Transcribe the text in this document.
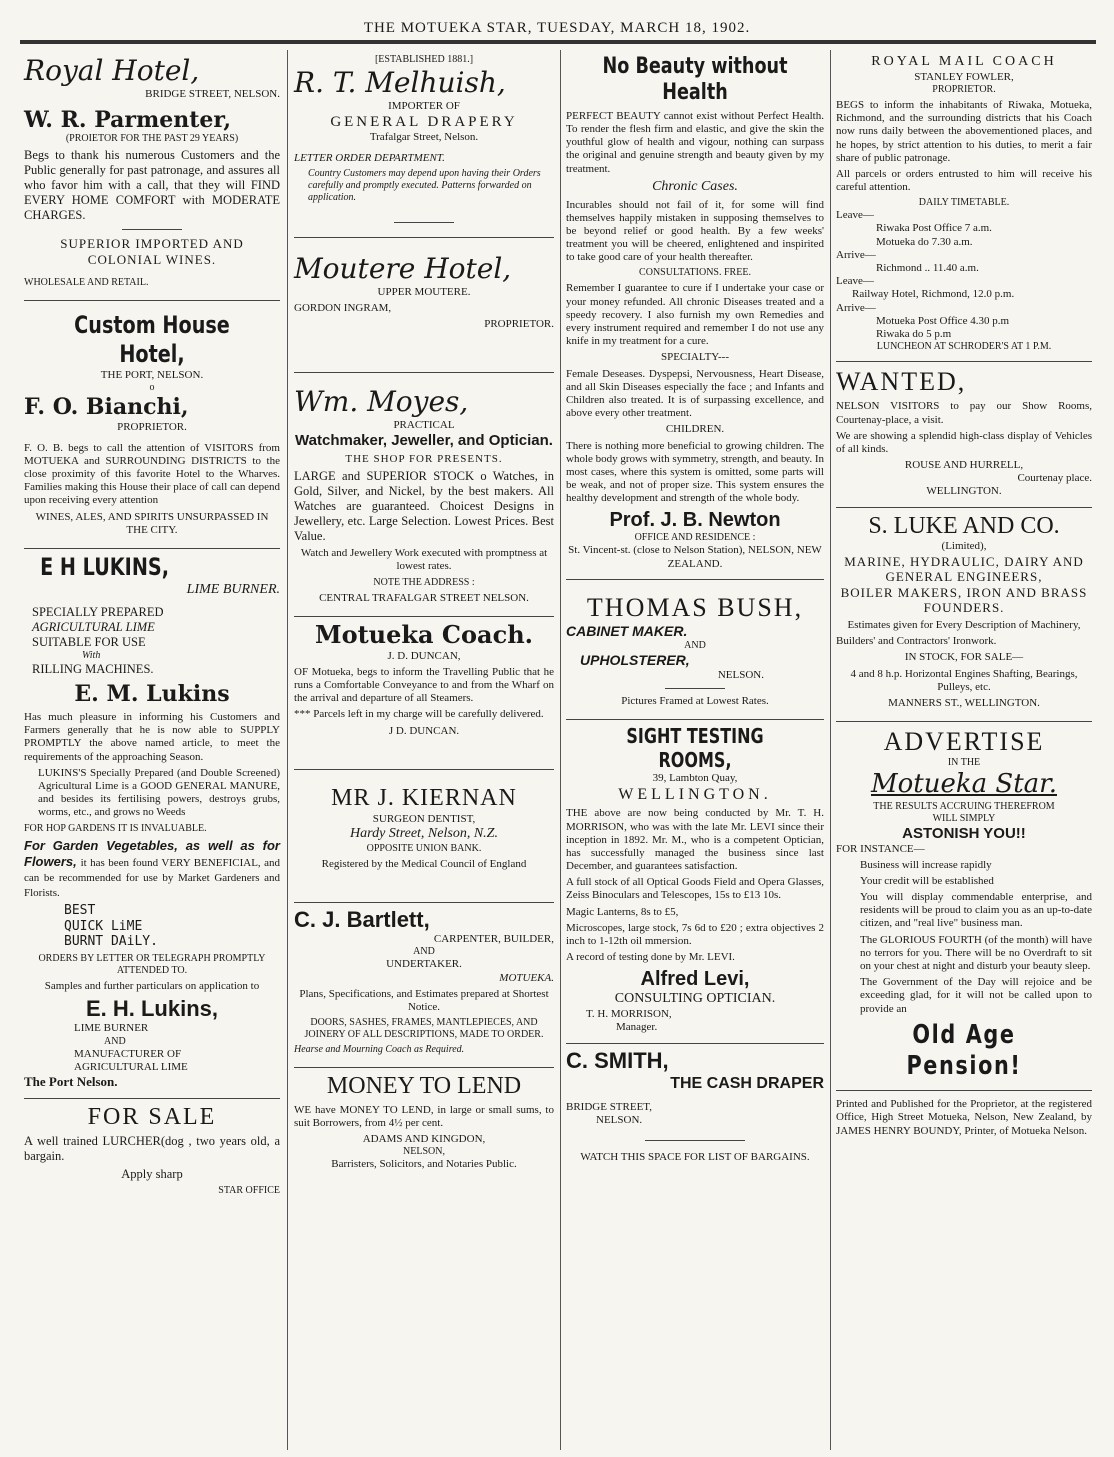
THE MOTUEKA STAR, TUESDAY, MARCH 18, 1902.
Royal Hotel,
BRIDGE STREET, NELSON.
W. R. Parmenter,
(PROIETOR FOR THE PAST 29 YEARS)

Begs to thank his numerous Customers and the Public generally for past patronage, and assures all who favor him with a call, that they will FIND EVERY HOME COMFORT with MODERATE CHARGES.

SUPERIOR IMPORTED AND COLONIAL WINES.

WHOLESALE AND RETAIL.

Custom House Hotel,
THE PORT, NELSON.
o
F. O. Bianchi,
PROPRIETOR.

F. O. B. begs to call the attention of VISITORS from MOTUEKA and SURROUNDING DISTRICTS to the close proximity of this favorite Hotel to the Wharves. Families making this House their place of call can depend upon receiving every attention

WINES, ALES, AND SPIRITS UNSURPASSED IN THE CITY.

E H LUKINS,
LIME BURNER.
SPECIALLY PREPARED
AGRICULTURAL LIME
SUITABLE FOR USE
With
RILLING MACHINES.
E. M. Lukins

Has much pleasure in informing his Customers and Farmers generally that he is now able to SUPPLY PROMPTLY the above named article, to meet the requirements of the approaching Season.

LUKINS'S Specially Prepared (and Double Screened) Agricultural Lime is a GOOD GENERAL MANURE, and besides its fertilising powers, destroys grubs, worms, etc., and grows no Weeds

FOR HOP GARDENS IT IS INVALUABLE.

For Garden Vegetables, as well as for Flowers, it has been found VERY BENEFICIAL, and can be recommended for use by Market Gardeners and Florists.

BEST
QUICK LiME
BURNT DAiLY.

ORDERS BY LETTER OR TELEGRAPH PROMPTLY ATTENDED TO.

Samples and further particulars on application to

E. H. Lukins,
LIME BURNER
AND
MANUFACTURER OF
AGRICULTURAL LIME
The Port Nelson.
FOR SALE

A well trained LURCHER(dog , two years old, a bargain.

Apply sharp

STAR OFFICE

[ESTABLISHED 1881.]
R. T. Melhuish,
IMPORTER OF
GENERAL DRAPERY
Trafalgar Street, Nelson.

LETTER ORDER DEPARTMENT.

Country Customers may depend upon having their Orders carefully and promptly executed. Patterns forwarded on application.

Moutere Hotel,
UPPER MOUTERE.

GORDON INGRAM,

PROPRIETOR.

Wm. Moyes,
PRACTICAL
Watchmaker, Jeweller, and Optician.

THE SHOP FOR PRESENTS.

LARGE and SUPERIOR STOCK o Watches, in Gold, Silver, and Nickel, by the best makers. All Watches are guaranteed. Choicest Designs in Jewellery, etc. Large Selection. Lowest Prices. Best Value.

Watch and Jewellery Work executed with promptness at lowest rates.

NOTE THE ADDRESS :

CENTRAL TRAFALGAR STREET NELSON.

Motueka Coach.
J. D. DUNCAN,

OF Motueka, begs to inform the Travelling Public that he runs a Comfortable Conveyance to and from the Wharf on the arrival and departure of all Steamers.

*** Parcels left in my charge will be carefully delivered.

J D. DUNCAN.

MR J. KIERNAN
SURGEON DENTIST,
Hardy Street, Nelson, N.Z.
OPPOSITE UNION BANK.

Registered by the Medical Council of England

C. J. Bartlett,
CARPENTER, BUILDER,
AND
UNDERTAKER.
MOTUEKA.

Plans, Specifications, and Estimates prepared at Shortest Notice.

DOORS, SASHES, FRAMES, MANTLEPIECES, AND JOINERY OF ALL DESCRIPTIONS, MADE TO ORDER.

Hearse and Mourning Coach as Required.

MONEY TO LEND

WE have MONEY TO LEND, in large or small sums, to suit Borrowers, from 4½ per cent.

ADAMS AND KINGDON,
NELSON,
Barristers, Solicitors, and Notaries Public.
No Beauty without Health

PERFECT BEAUTY cannot exist without Perfect Health. To render the flesh firm and elastic, and give the skin the youthful glow of health and vigour, nothing can surpass the original and genuine strength and beauty given by my treatment.

Chronic Cases.

Incurables should not fail of it, for some will find themselves happily mistaken in supposing themselves to be beyond relief or good health. By a few weeks' treatment you will be cheered, enlightened and inspirited to take good care of your health thereafter.

CONSULTATIONS. FREE.

Remember I guarantee to cure if I undertake your case or your money refunded. All chronic Diseases treated and a speedy recovery. I also furnish my own Remedies and every instrument required and remember I do not use any knife in my treatment for a cure.

SPECIALTY---

Female Deseases. Dyspepsi, Nervousness, Heart Disease, and all Skin Diseases especially the face ; and Infants and Children also treated. It is of surpassing excellence, and above every other treatment.

CHILDREN.

There is nothing more beneficial to growing children. The whole body grows with symmetry, strength, and beauty. In most cases, where this system is omitted, some parts will be weak, and not of proper size. This system ensures the healthy development and strength of the whole body.

Prof. J. B. Newton
OFFICE AND RESIDENCE :
St. Vincent-st. (close to Nelson Station), NELSON, NEW ZEALAND.
THOMAS BUSH,
CABINET MAKER.
AND
UPHOLSTERER,
NELSON.

Pictures Framed at Lowest Rates.

SIGHT TESTING ROOMS,
39, Lambton Quay,
WELLINGTON.

THE above are now being conducted by Mr. T. H. MORRISON, who was with the late Mr. LEVI since their inception in 1892. Mr. M., who is a competent Optician, has successfully managed the business since last December, and guarantees satisfaction.

A full stock of all Optical Goods Field and Opera Glasses, Zeiss Binoculars and Telescopes, 15s to £13 10s.

Magic Lanterns, 8s to £5,

Microscopes, large stock, 7s 6d to £20 ; extra objectives 2 inch to 1-12th oil mmersion.

A record of testing done by Mr. LEVI.

Alfred Levi,
CONSULTING OPTICIAN.
T. H. MORRISON,
Manager.
C. SMITH,
THE CASH DRAPER
BRIDGE STREET,
NELSON.

WATCH THIS SPACE FOR LIST OF BARGAINS.

ROYAL MAIL COACH
STANLEY FOWLER,
PROPRIETOR.

BEGS to inform the inhabitants of Riwaka, Motueka, Richmond, and the surrounding districts that his Coach now runs daily between the abovementioned places, and he hopes, by strict attention to his duties, to merit a fair share of public patronage.

All parcels or orders entrusted to him will receive his careful attention.

DAILY TIMETABLE.
Leave—
Riwaka Post Office 7 a.m.
Motueka do 7.30 a.m.
Arrive—
Richmond .. 11.40 a.m.
Leave—
Railway Hotel, Richmond, 12.0 p.m.
Arrive—
Motueka Post Office 4.30 p.m
Riwaka do 5 p.m
LUNCHEON AT SCHRODER'S AT 1 P.M.
WANTED,

NELSON VISITORS to pay our Show Rooms, Courtenay-place, a visit.

We are showing a splendid high-class display of Vehicles of all kinds.

ROUSE AND HURRELL,
Courtenay place.
WELLINGTON.
S. LUKE AND CO.
(Limited),
MARINE, HYDRAULIC, DAIRY AND GENERAL ENGINEERS,
BOILER MAKERS, IRON AND BRASS FOUNDERS.

Estimates given for Every Description of Machinery,

Builders' and Contractors' Ironwork.

IN STOCK, FOR SALE—

4 and 8 h.p. Horizontal Engines Shafting, Bearings, Pulleys, etc.

MANNERS ST., WELLINGTON.

ADVERTISE
IN THE
Motueka Star.
THE RESULTS ACCRUING THEREFROM
WILL SIMPLY
ASTONISH YOU!!
FOR INSTANCE—

Business will increase rapidly

Your credit will be established

You will display commendable enterprise, and residents will be proud to claim you as an up-to-date citizen, and "real live" business man.

The GLORIOUS FOURTH (of the month) will have no terrors for you. There will be no Overdraft to sit on your chest at night and disturb your beauty sleep.

The Government of the Day will rejoice and be exceeding glad, for it will not be called upon to provide an

Old Age Pension!

Printed and Published for the Proprietor, at the registered Office, High Street Motueka, Nelson, New Zealand, by JAMES HENRY BOUNDY, Printer, of Motueka Nelson.
